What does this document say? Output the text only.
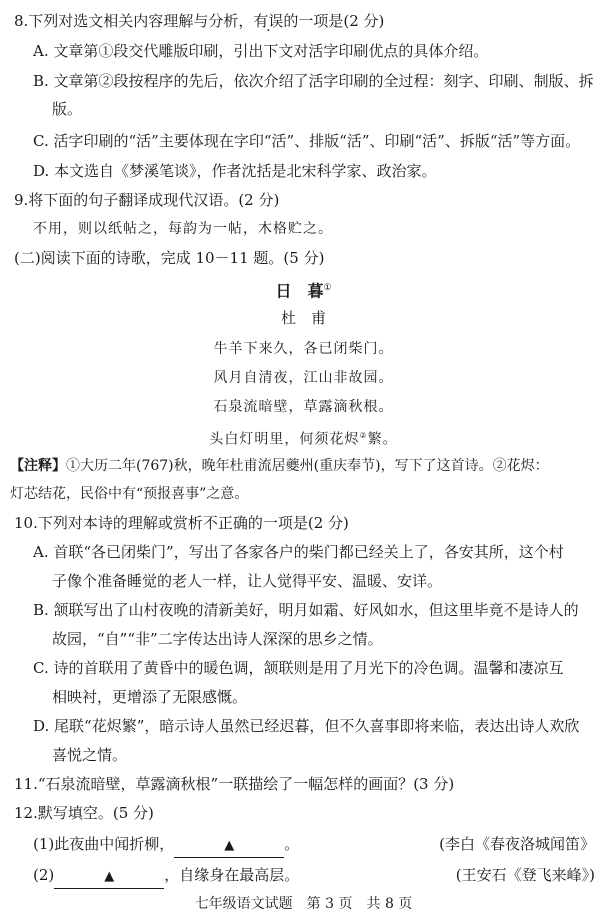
8.下列对选文相关内容理解与分析，有误的一项是(2 分)
A. 文章第①段交代雕版印刷，引出下文对活字印刷优点的具体介绍。
B. 文章第②段按程序的先后，依次介绍了活字印刷的全过程：刻字、印刷、制版、拆
版。
C. 活字印刷的“活”主要体现在字印“活”、排版“活”、印刷“活”、拆版“活”等方面。
D. 本文选自《梦溪笔谈》，作者沈括是北宋科学家、政治家。
9.将下面的句子翻译成现代汉语。(2 分)
不用，则以纸帖之，每韵为一帖，木格贮之。
(二)阅读下面的诗歌，完成 10－11 题。(5 分)
日　暮①
杜　甫
牛羊下来久，各已闭柴门。
风月自清夜，江山非故园。
石泉流暗壁，草露滴秋根。
头白灯明里，何须花烬②繁。
【注释】①大历二年(767)秋，晚年杜甫流居夔州(重庆奉节)，写下了这首诗。②花烬：
灯芯结花，民俗中有“预报喜事”之意。
10.下列对本诗的理解或赏析不正确的一项是(2 分)
A. 首联“各已闭柴门”，写出了各家各户的柴门都已经关上了，各安其所，这个村
子像个准备睡觉的老人一样，让人觉得平安、温暖、安详。
B. 颔联写出了山村夜晚的清新美好，明月如霜、好风如水，但这里毕竟不是诗人的
故园，“自”“非”二字传达出诗人深深的思乡之情。
C. 诗的首联用了黄昏中的暖色调，颔联则是用了月光下的冷色调。温馨和凄凉互
相映衬，更增添了无限感慨。
D. 尾联“花烬繁”，暗示诗人虽然已经迟暮，但不久喜事即将来临，表达出诗人欢欣
喜悦之情。
11.“石泉流暗壁，草露滴秋根”一联描绘了一幅怎样的画面？(3 分)
12.默写填空。(5 分)
(1)此夜曲中闻折柳，	▲	。	(李白《春夜洛城闻笛》
(2)	▲	，自缘身在最高层。	(王安石《登飞来峰》)
七年级语文试题　第 3 页　共 8 页
